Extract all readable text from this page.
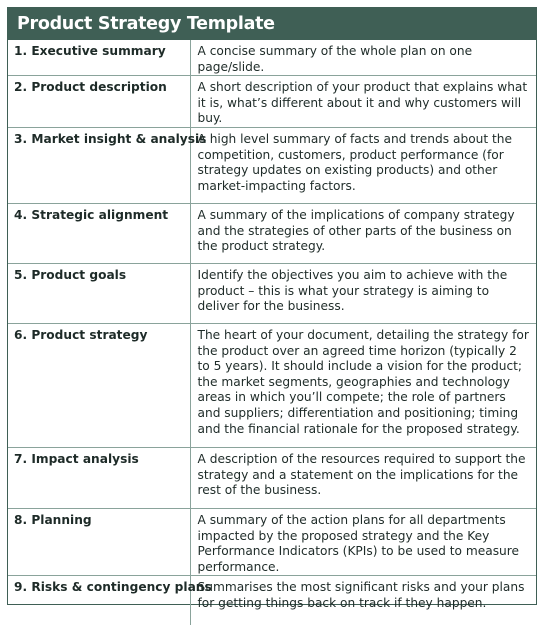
Product Strategy Template
1. Executive summary	A concise summary of the whole plan on one page/slide.
2. Product description	A short description of your product that explains what it is, what’s different about it and why customers will buy.
3. Market insight & analysis	A high level summary of facts and trends about the competition, customers, product performance (for strategy updates on existing products) and other market-impacting factors.
4. Strategic alignment	A summary of the implications of company strategy and the strategies of other parts of the business on the product strategy.
5. Product goals	Identify the objectives you aim to achieve with the product – this is what your strategy is aiming to deliver for the business.
6. Product strategy	The heart of your document, detailing the strategy for the product over an agreed time horizon (typically 2 to 5 years). It should include a vision for the product; the market segments, geographies and technology areas in which you’ll compete; the role of partners and suppliers; differentiation and positioning; timing and the financial rationale for the proposed strategy.
7. Impact analysis	A description of the resources required to support the strategy and a statement on the implications for the rest of the business.
8. Planning	A summary of the action plans for all departments impacted by the proposed strategy and the Key Performance Indicators (KPIs) to be used to measure performance.
9. Risks & contingency plans	Summarises the most significant risks and your plans for getting things back on track if they happen.
